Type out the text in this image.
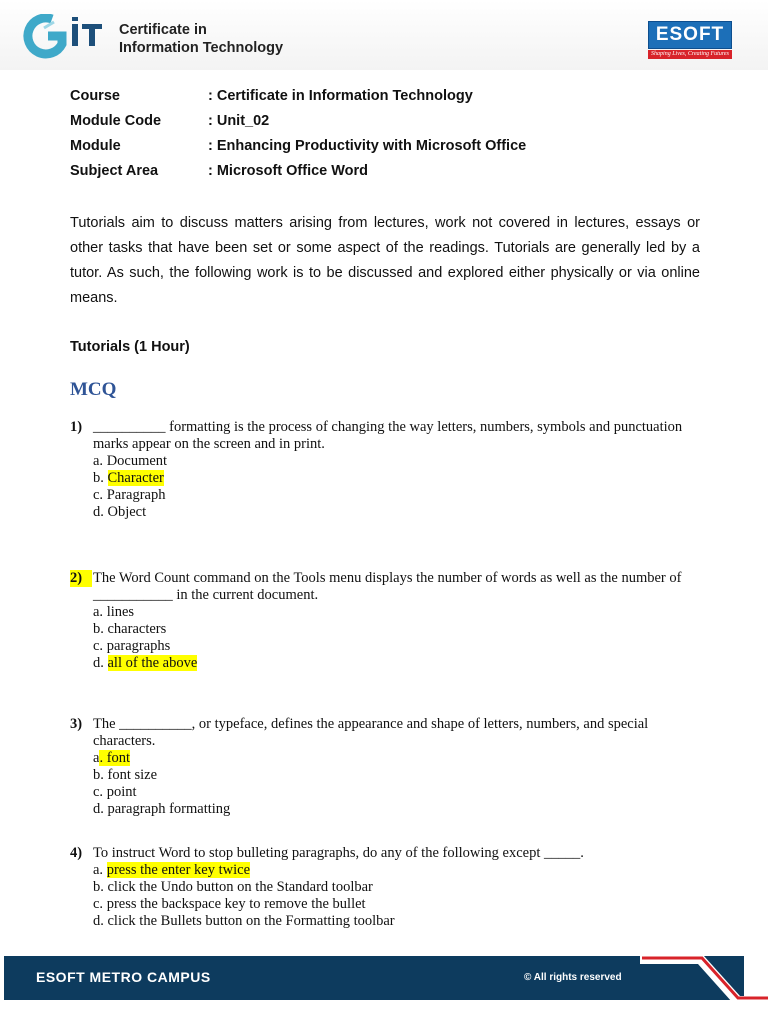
Certificate in
Information Technology
ESOFT
Shaping Lives, Creating Futures
Course	: Certificate in Information Technology
Module Code	: Unit_02
Module	: Enhancing Productivity with Microsoft Office
Subject Area	: Microsoft Office Word
Tutorials aim to discuss matters arising from lectures, work not covered in lectures, essays or other tasks that have been set or some aspect of the readings. Tutorials are generally led by a tutor. As such, the following work is to be discussed and explored either physically or via online means.
Tutorials (1 Hour)
MCQ
1) __________ formatting is the process of changing the way letters, numbers, symbols and punctuation marks appear on the screen and in print.
a. Document
b. Character
c. Paragraph
d. Object
2) The Word Count command on the Tools menu displays the number of words as well as the number of ___________ in the current document.
a. lines
b. characters
c. paragraphs
d. all of the above
3) The __________, or typeface, defines the appearance and shape of letters, numbers, and special characters.
a. font
b. font size
c. point
d. paragraph formatting
4) To instruct Word to stop bulleting paragraphs, do any of the following except _____.
a. press the enter key twice
b. click the Undo button on the Standard toolbar
c. press the backspace key to remove the bullet
d. click the Bullets button on the Formatting toolbar
ESOFT METRO CAMPUS	© All rights reserved
